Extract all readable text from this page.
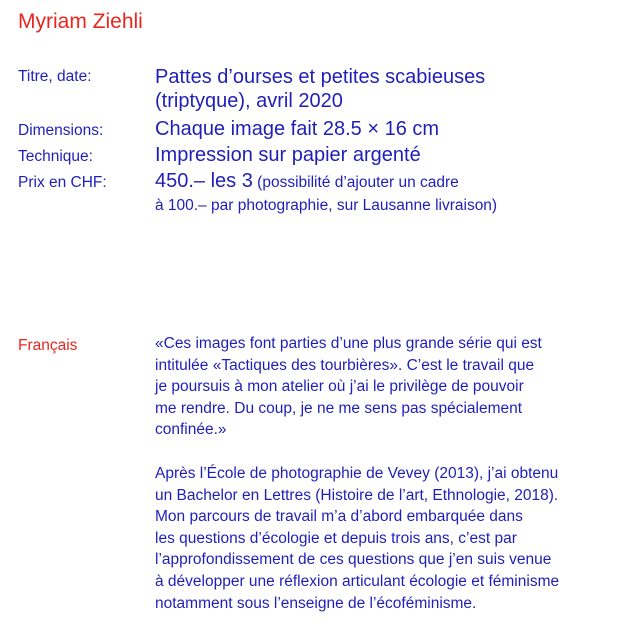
Myriam Ziehli
Titre, date:	Pattes d’ourses et petites scabieuses
(triptyque), avril 2020
Dimensions:	Chaque image fait 28.5 × 16 cm
Technique:	Impression sur papier argenté
Prix en CHF: 450.– les 3 (possibilité d’ajouter un cadre
à 100.– par photographie, sur Lausanne livraison)
Français	«Ces images font parties d’une plus grande série qui est
intitulée «Tactiques des tourbières». C’est le travail que
je poursuis à mon atelier où j’ai le privilège de pouvoir
me rendre. Du coup, je ne me sens pas spécialement
confinée.»
Après l’École de photographie de Vevey (2013), j’ai obtenu
un Bachelor en Lettres (Histoire de l’art, Ethnologie, 2018).
Mon parcours de travail m’a d’abord embarquée dans
les questions d’écologie et depuis trois ans, c’est par
l’approfondissement de ces questions que j’en suis venue
à développer une réflexion articulant écologie et féminisme
notamment sous l’enseigne de l’écoféminisme.
